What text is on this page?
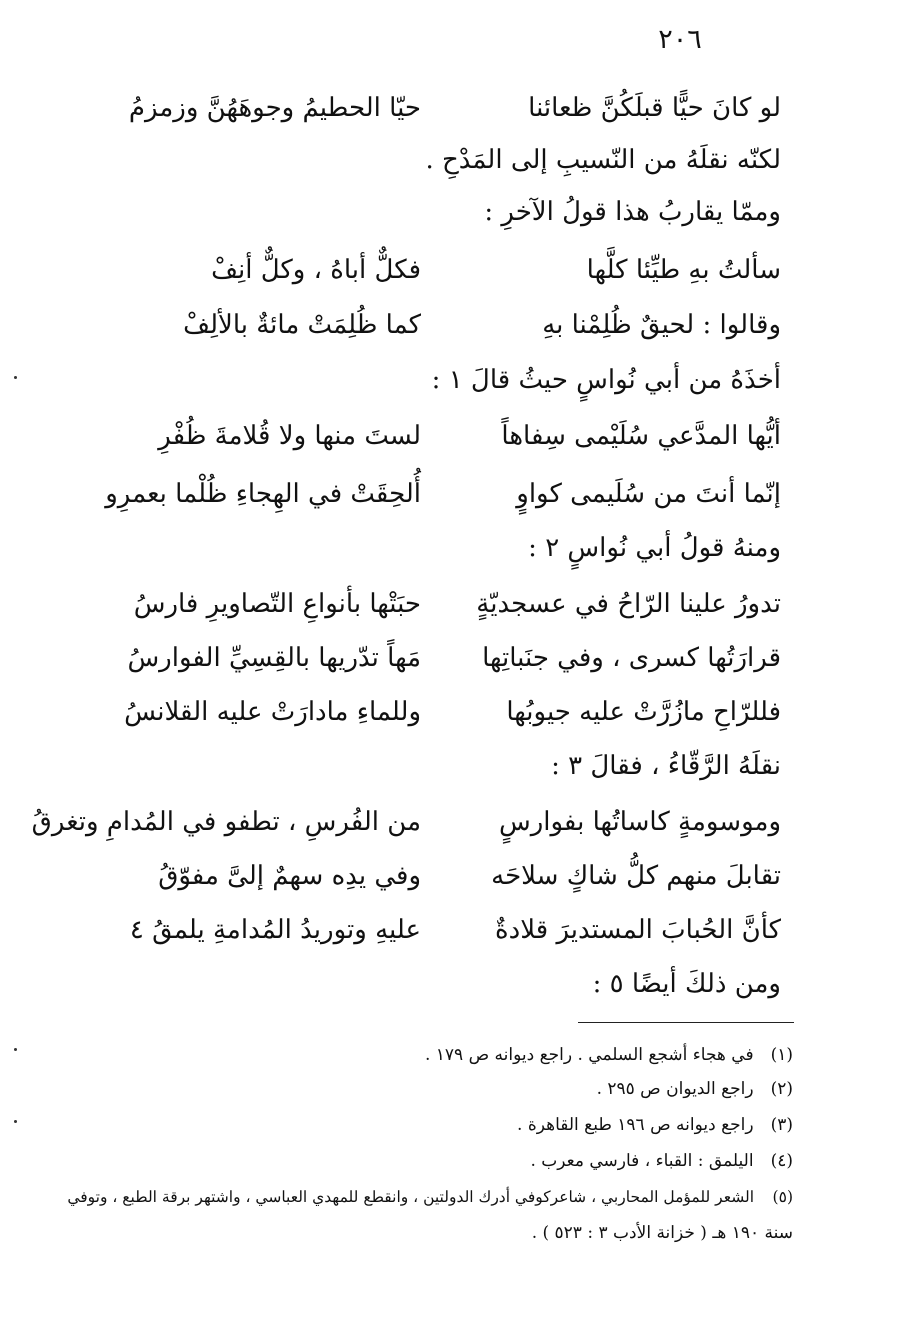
٢٠٦
لو كانَ حيًّا قبلَكُنَّ ظعائنا
حيّا الحطيمُ وجوهَهُنَّ وزمزمُ
لكنّه نقلَهُ من النّسيبِ إلى المَدْحِ .
وممّا يقاربُ هذا قولُ الآخرِ :
سألتُ بهِ طيِّئا كلَّها
فكلٌّ أباهُ ، وكلٌّ أنِفْ
وقالوا : لحيقٌ ظُلِمْنا بهِ
كما ظُلِمَتْ مائةٌ بالألِفْ
أخذَهُ من أبي نُواسٍ حيثُ قالَ ١ :
أيُّها المدَّعي سُلَيْمى سِفاهاً
لستَ منها ولا قُلامةَ ظُفْرِ
إنّما أنتَ من سُلَيمى كواوٍ
أُلحِقَتْ في الهِجاءِ ظُلْما بعمرِو
ومنهُ قولُ أبي نُواسٍ ٢ :
تدورُ علينا الرّاحُ في عسجديّةٍ
حبَتْها بأنواعِ التّصاويرِ فارسُ
قرارَتُها كسرى ، وفي جنَباتِها
مَهاً تدّريها بالقِسِيِّ الفوارسُ
فللرّاحِ مازُرَّتْ عليه جيوبُها
وللماءِ مادارَتْ عليه القلانسُ
نقلَهُ الرَّقّاءُ ، فقالَ ٣ :
وموسومةٍ كاساتُها بفوارسٍ
من الفُرسِ ، تطفو في المُدامِ وتغرقُ
تقابلَ منهم كلُّ شاكٍ سلاحَه
وفي يدِه سهمٌ إلىَّ مفوّقُ
كأنَّ الحُبابَ المستديرَ قلادةٌ
عليهِ وتوريدُ المُدامةِ يلمقُ ٤
ومن ذلكَ أيضًا ٥ :
(١) في هجاء أشجع السلمي . راجع ديوانه ص ١٧٩ .
(٢) راجع الديوان ص ٢٩٥ .
(٣) راجع ديوانه ص ١٩٦ طبع القاهرة .
(٤) اليلمق : القباء ، فارسي معرب .
(٥) الشعر للمؤمل المحاربي ، شاعركوفي أدرك الدولتين ، وانقطع للمهدي العباسي ، واشتهر برقة الطبع ، وتوفي
سنة ١٩٠ هـ ( خزانة الأدب ٣ : ٥٢٣ ) .
